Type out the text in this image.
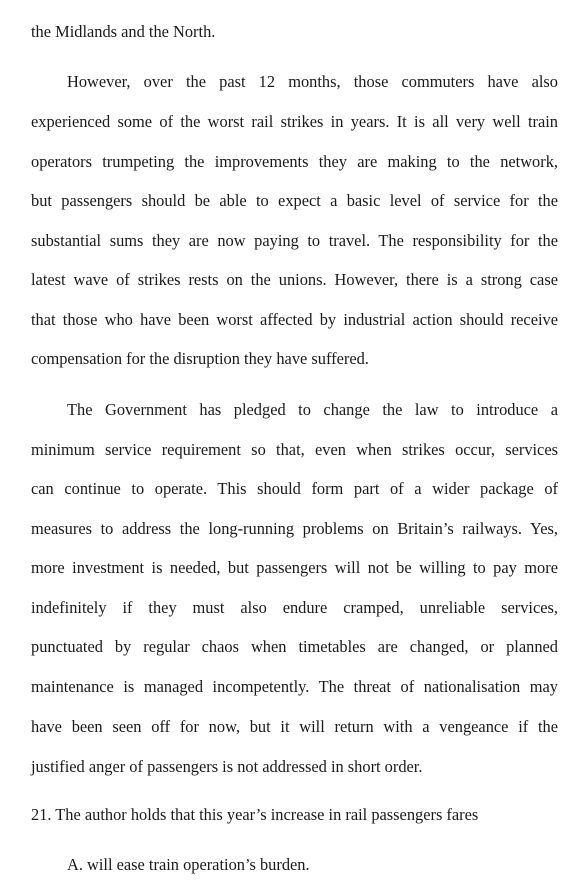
the Midlands and the North.
However, over the past 12 months, those commuters have also
experienced some of the worst rail strikes in years. It is all very well train
operators trumpeting the improvements they are making to the network,
but passengers should be able to expect a basic level of service for the
substantial sums they are now paying to travel. The responsibility for the
latest wave of strikes rests on the unions. However, there is a strong case
that those who have been worst affected by industrial action should receive
compensation for the disruption they have suffered.
The Government has pledged to change the law to introduce a
minimum service requirement so that, even when strikes occur, services
can continue to operate. This should form part of a wider package of
measures to address the long-running problems on Britain’s railways. Yes,
more investment is needed, but passengers will not be willing to pay more
indefinitely if they must also endure cramped, unreliable services,
punctuated by regular chaos when timetables are changed, or planned
maintenance is managed incompetently. The threat of nationalisation may
have been seen off for now, but it will return with a vengeance if the
justified anger of passengers is not addressed in short order.
21. The author holds that this year’s increase in rail passengers fares
A. will ease train operation’s burden.
